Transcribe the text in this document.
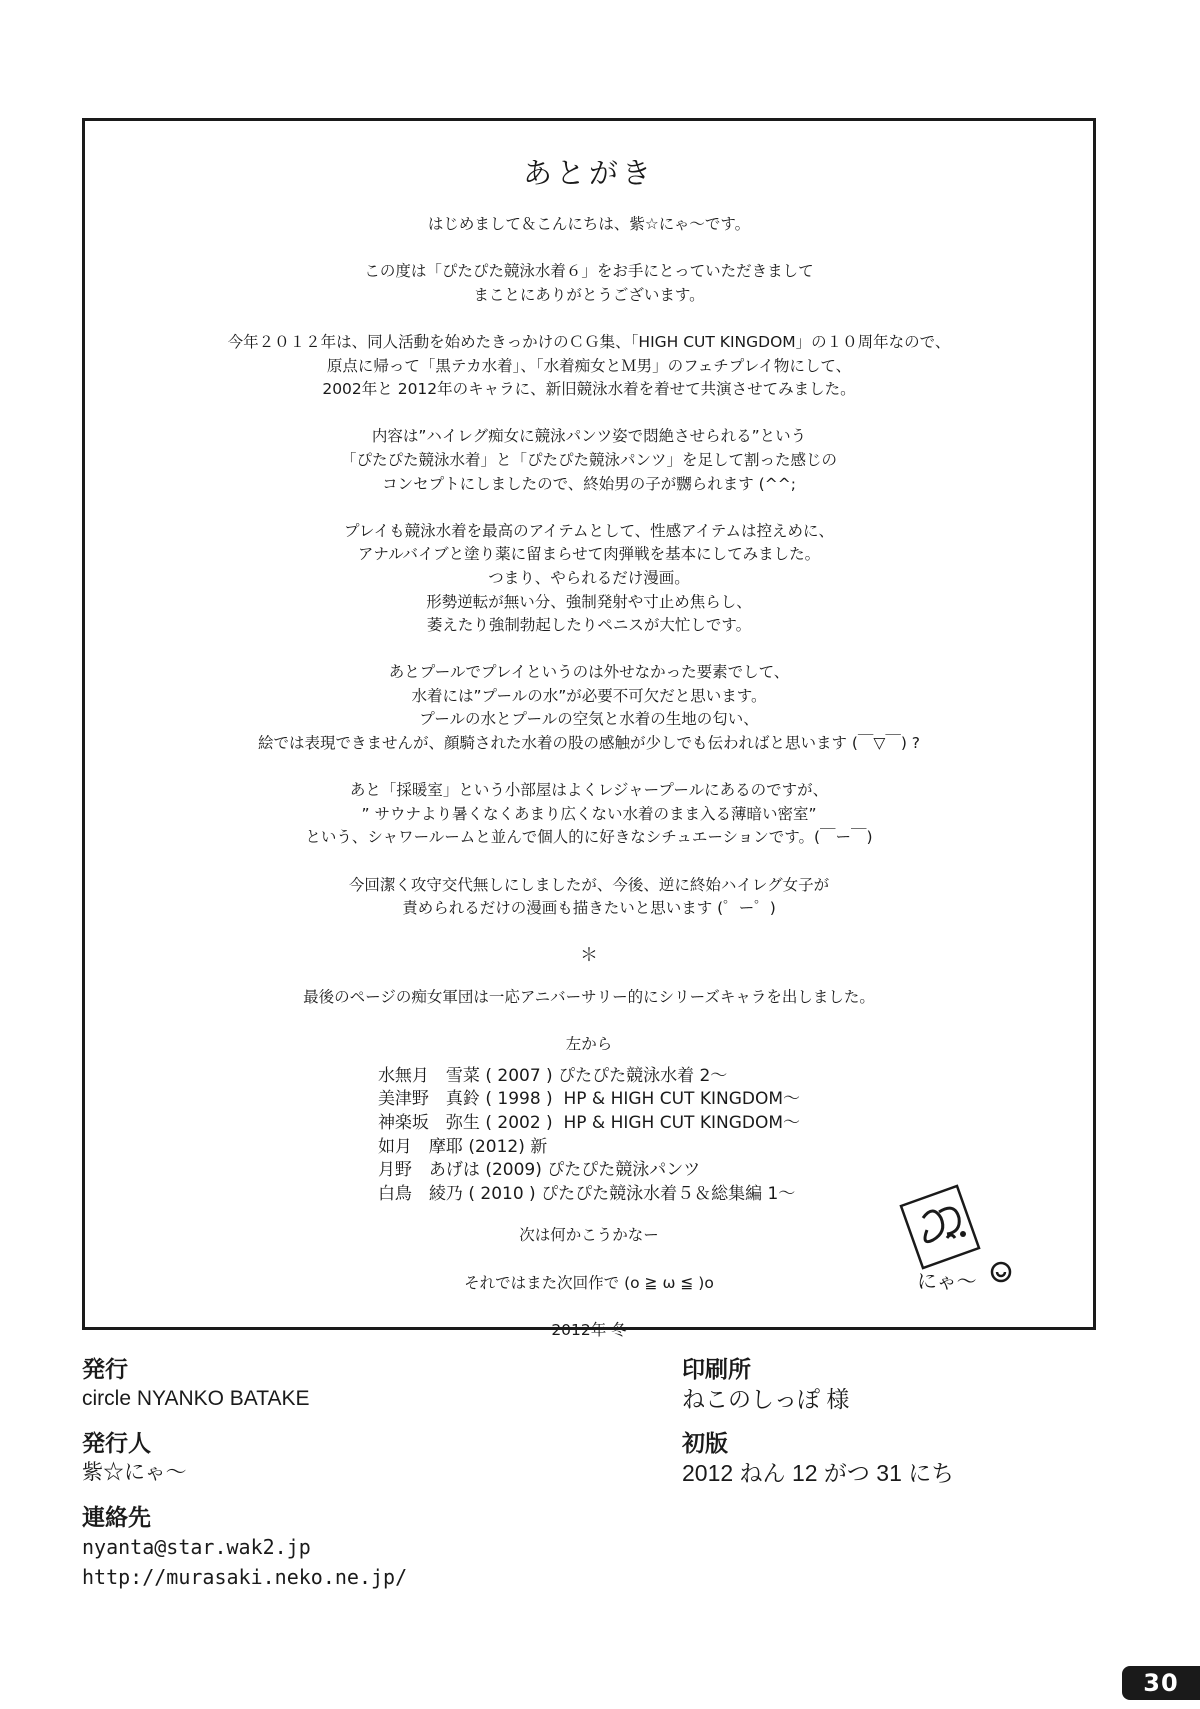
あとがき

はじめまして＆こんにちは、紫☆にゃ〜です。

この度は「ぴたぴた競泳水着６」をお手にとっていただきまして
まことにありがとうございます。

今年２０１２年は、同人活動を始めたきっかけのＣＧ集、「HIGH CUT KINGDOM」の１０周年なので、
原点に帰って「黒テカ水着」、「水着痴女とＭ男」のフェチプレイ物にして、
2002年と 2012年のキャラに、新旧競泳水着を着せて共演させてみました。

内容は”ハイレグ痴女に競泳パンツ姿で悶絶させられる”という
「ぴたぴた競泳水着」と「ぴたぴた競泳パンツ」を足して割った感じの
コンセプトにしましたので、終始男の子が嬲られます (^^;

プレイも競泳水着を最高のアイテムとして、性感アイテムは控えめに、
アナルバイブと塗り薬に留まらせて肉弾戦を基本にしてみました。
つまり、やられるだけ漫画。
形勢逆転が無い分、強制発射や寸止め焦らし、
萎えたり強制勃起したりペニスが大忙しです。

あとプールでプレイというのは外せなかった要素でして、
水着には”プールの水”が必要不可欠だと思います。
プールの水とプールの空気と水着の生地の匂い、
絵では表現できませんが、顔騎された水着の股の感触が少しでも伝わればと思います (￣▽￣) ?

あと「採暖室」という小部屋はよくレジャープールにあるのですが、
” サウナより暑くなくあまり広くない水着のまま入る薄暗い密室”
という、シャワールームと並んで個人的に好きなシチュエーションです。(￣ー￣)

今回潔く攻守交代無しにしましたが、今後、逆に終始ハイレグ女子が
責められるだけの漫画も描きたいと思います (゜ー゜)

＊

最後のページの痴女軍団は一応アニバーサリー的にシリーズキャラを出しました。

左から

水無月　雪菜 ( 2007 ) ぴたぴた競泳水着 2〜
美津野　真鈴 ( 1998 )  HP & HIGH CUT KINGDOM〜
神楽坂　弥生 ( 2002 )  HP & HIGH CUT KINGDOM〜
如月　摩耶 (2012) 新
月野　あげは (2009) ぴたぴた競泳パンツ
白鳥　綾乃 ( 2010 ) ぴたぴた競泳水着５＆総集編 1〜

次は何かこうかなー

それではまた次回作で (o ≧ ω ≦ )o

2012年 冬
にゃ〜

発行

circle NYANKO BATAKE

発行人

紫☆にゃ〜

連絡先

nyanta@star.wak2.jp

http://murasaki.neko.ne.jp/

印刷所

ねこのしっぽ 様

初版

2012 ねん 12 がつ 31 にち

30
